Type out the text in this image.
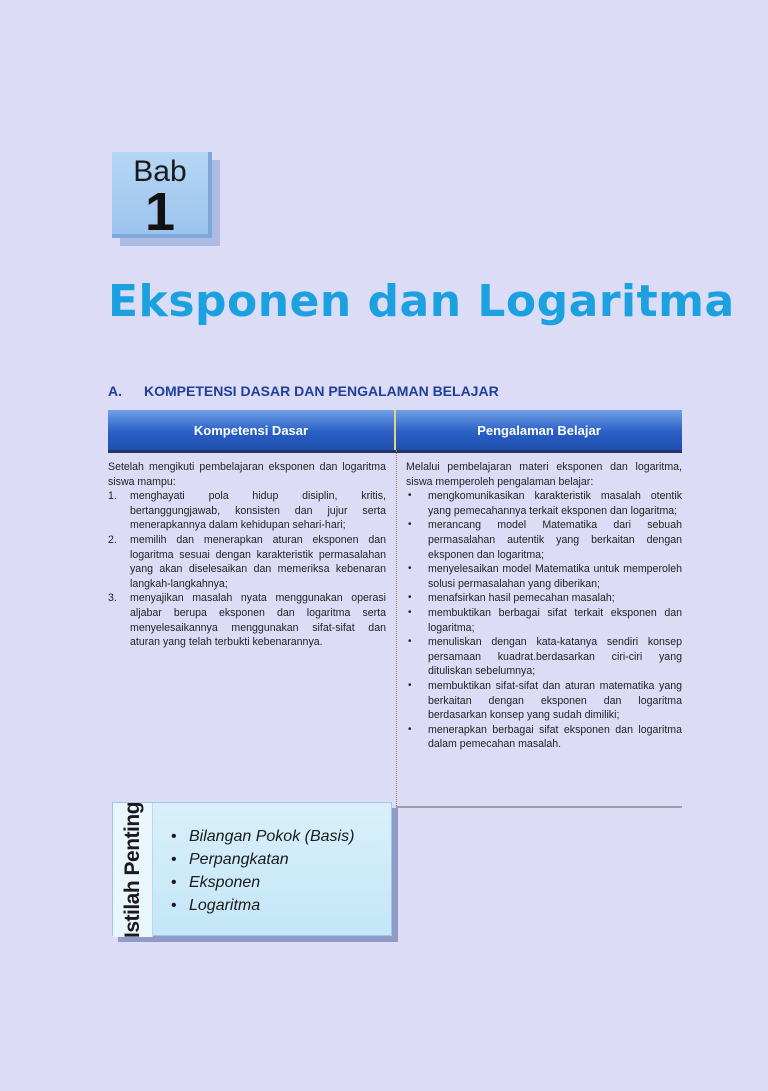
Bab
1
Eksponen dan Logaritma
A. KOMPETENSI DASAR DAN PENGALAMAN BELAJAR
Kompetensi Dasar	Pengalaman Belajar

Setelah mengikuti pembelajaran eksponen dan logaritma siswa mampu:

1. menghayati pola hidup disiplin, kritis, bertanggungjawab, konsisten dan jujur serta menerapkannya dalam kehidupan sehari-hari;
2. memilih dan menerapkan aturan eksponen dan logaritma sesuai dengan karakteristik permasalahan yang akan diselesaikan dan memeriksa kebenaran langkah-langkahnya;
3. menyajikan masalah nyata menggunakan operasi aljabar berupa eksponen dan logaritma serta menyelesaikannya menggunakan sifat-sifat dan aturan yang telah terbukti kebenarannya.

Melalui pembelajaran materi eksponen dan logaritma, siswa memperoleh pengalaman belajar:

• mengkomunikasikan karakteristik masalah otentik yang pemecahannya terkait eksponen dan logaritma;
• merancang model Matematika dari sebuah permasalahan autentik yang berkaitan dengan eksponen dan logaritma;
• menyelesaikan model Matematika untuk memperoleh solusi permasalahan yang diberikan;
• menafsirkan hasil pemecahan masalah;
• membuktikan berbagai sifat terkait eksponen dan logaritma;
• menuliskan dengan kata-katanya sendiri konsep persamaan kuadrat.berdasarkan ciri-ciri yang dituliskan sebelumnya;
• membuktikan sifat-sifat dan aturan matematika yang berkaitan dengan eksponen dan logaritma berdasarkan konsep yang sudah dimiliki;
• menerapkan berbagai sifat eksponen dan logaritma dalam pemecahan masalah.
Istilah Penting • Bilangan Pokok (Basis)
• Perpangkatan
• Eksponen
• Logaritma
